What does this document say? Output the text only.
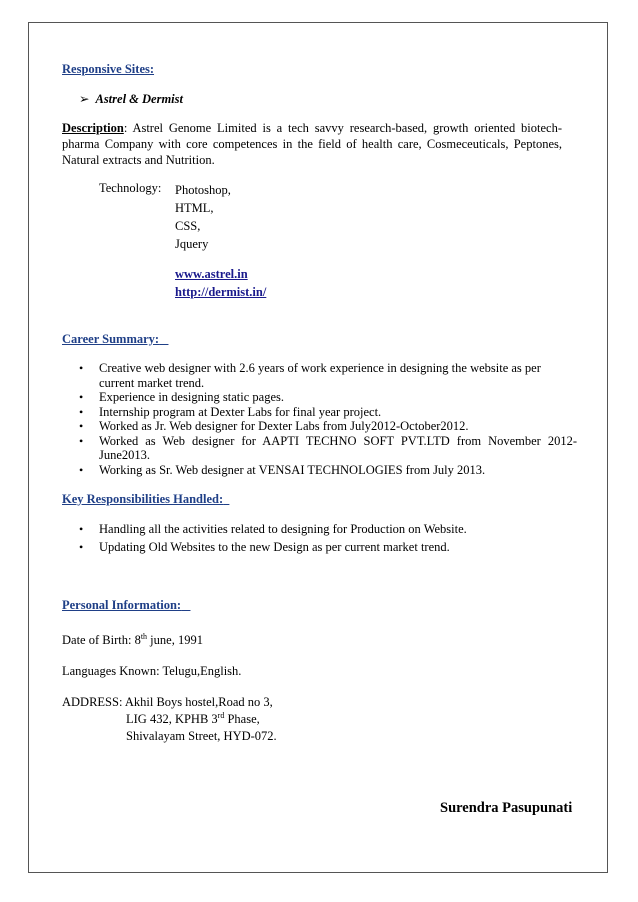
Responsive Sites:
➢ Astrel & Dermist
Description: Astrel Genome Limited is a tech savvy research-based, growth oriented biotech-pharma Company with core competences in the field of health care, Cosmeceuticals, Peptones, Natural extracts and Nutrition.
Technology: Photoshop,
HTML,
CSS,
Jquery
www.astrel.in
http://dermist.in/
Career Summary:
• Creative web designer with 2.6 years of work experience in designing the website as per current market trend.
• Experience in designing static pages.
• Internship program at Dexter Labs for final year project.
• Worked as Jr. Web designer for Dexter Labs from July2012-October2012.
• Worked as Web designer for AAPTI TECHNO SOFT PVT.LTD from November 2012-June2013.
• Working as Sr. Web designer at VENSAI TECHNOLOGIES from July 2013.
Key Responsibilities Handled:
• Handling all the activities related to designing for Production on Website.
• Updating Old Websites to the new Design as per current market trend.
Personal Information:
Date of Birth: 8th june, 1991
Languages Known: Telugu,English.
ADDRESS: Akhil Boys hostel,Road no 3,
LIG 432, KPHB 3rd Phase,
Shivalayam Street, HYD-072.
Surendra Pasupunati
